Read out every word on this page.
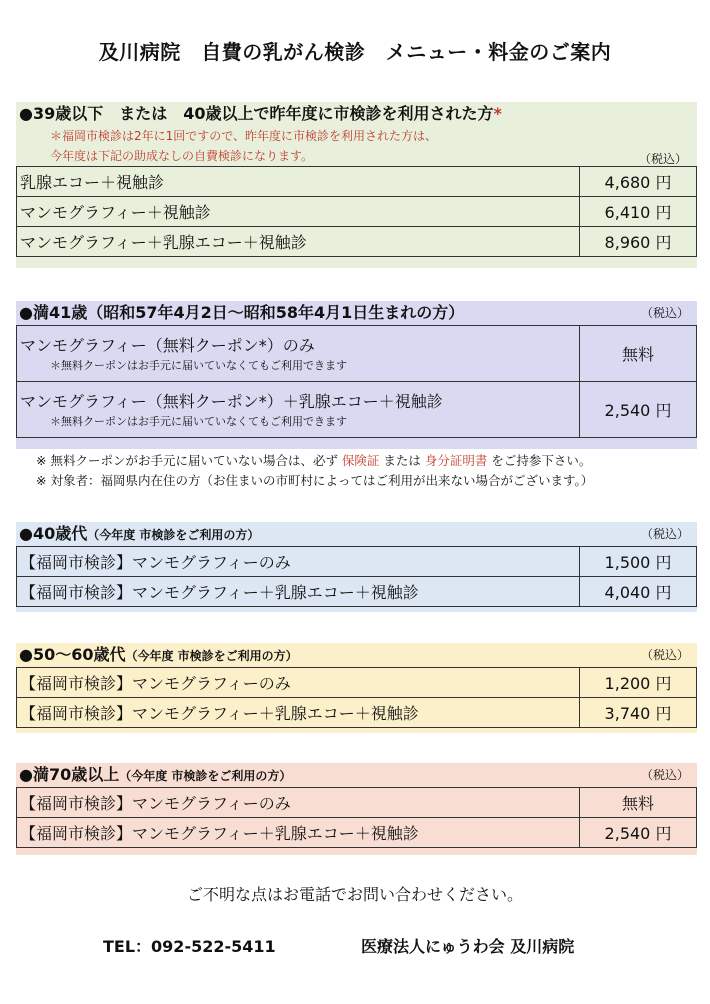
及川病院　自費の乳がん検診　メニュー・料金のご案内
●39歳以下　または　40歳以上で昨年度に市検診を利用された方*
＊福岡市検診は2年に1回ですので、昨年度に市検診を利用された方は、
今年度は下記の助成なしの自費検診になります。	（税込）
乳腺エコー＋視触診	4,680 円
マンモグラフィー＋視触診	6,410 円
マンモグラフィー＋乳腺エコー＋視触診	8,960 円
●満41歳（昭和57年4月2日～昭和58年4月1日生まれの方）	（税込）
マンモグラフィー（無料クーポン*）のみ
＊無料クーポンはお手元に届いていなくてもご利用できます	無料

マンモグラフィー（無料クーポン*）＋乳腺エコー＋視触診
＊無料クーポンはお手元に届いていなくてもご利用できます	2,540 円
※ 無料クーポンがお手元に届いていない場合は、必ず 保険証 または 身分証明書 をご持参下さい。
※ 対象者：福岡県内在住の方（お住まいの市町村によってはご利用が出来ない場合がございます。）
●40歳代（今年度 市検診をご利用の方）	（税込）
【福岡市検診】マンモグラフィーのみ	1,500 円
【福岡市検診】マンモグラフィー＋乳腺エコー＋視触診	4,040 円
●50～60歳代（今年度 市検診をご利用の方）	（税込）
【福岡市検診】マンモグラフィーのみ	1,200 円
【福岡市検診】マンモグラフィー＋乳腺エコー＋視触診	3,740 円
●満70歳以上（今年度 市検診をご利用の方）	（税込）
【福岡市検診】マンモグラフィーのみ	無料
【福岡市検診】マンモグラフィー＋乳腺エコー＋視触診	2,540 円
ご不明な点はお電話でお問い合わせください。
TEL：092-522-5411	医療法人にゅうわ会 及川病院
